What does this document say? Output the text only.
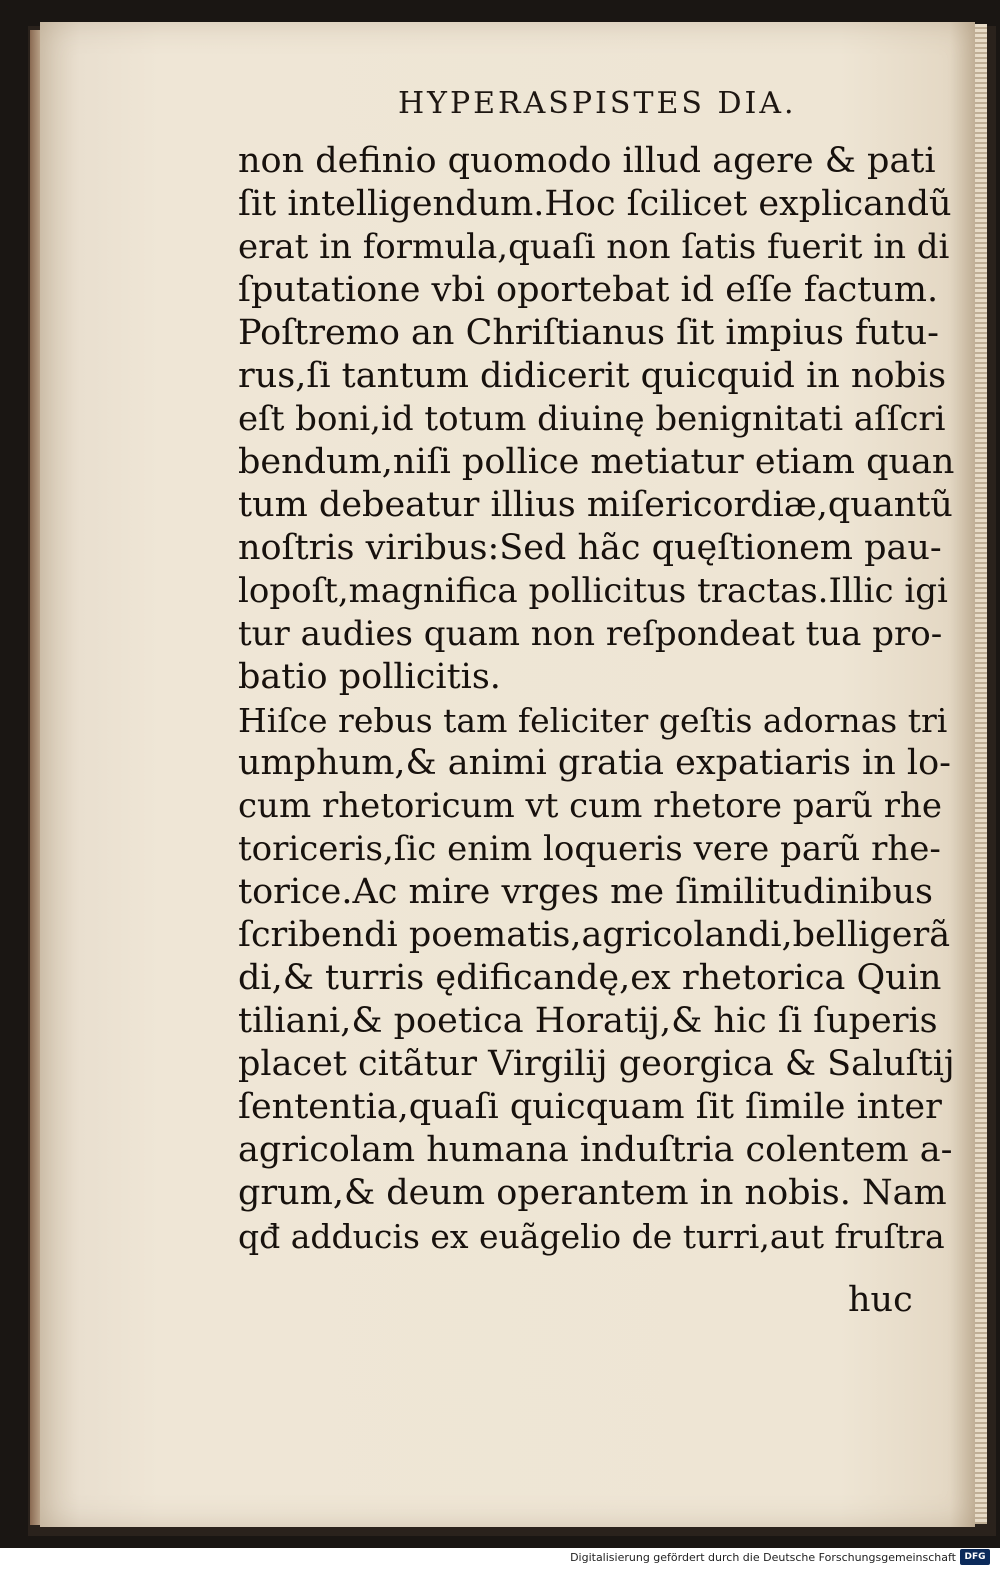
HYPERASPISTES DIA.
non definio quomodo illud agere & pati
ſit intelligendum.Hoc ſcilicet explicandũ
erat in formula,quaſi non ſatis fuerit in di
ſputatione vbi oportebat id eſſe factum.
Poſtremo an Chriſtianus ſit impius futu-
rus,ſi tantum didicerit quicquid in nobis
eſt boni,id totum diuinę benignitati aſſcri
bendum,niſi pollice metiatur etiam quan
tum debeatur illius miſericordiæ,quantũ
noſtris viribus:Sed hãc quęſtionem pau-
lopoſt,magnifica pollicitus tractas.Illic igi
tur audies quam non reſpondeat tua pro-
batio pollicitis.
Hiſce rebus tam feliciter geſtis adornas tri
umphum,& animi gratia expatiaris in lo-
cum rhetoricum vt cum rhetore parũ rhe
toriceris,ſic enim loqueris vere parũ rhe-
torice.Ac mire vrges me ſimilitudinibus
ſcribendi poematis,agricolandi,belligerã
di,& turris ędificandę,ex rhetorica Quin
tiliani,& poetica Horatij,& hic ſi ſuperis
placet citãtur Virgilij georgica & Saluſtij
ſententia,quaſi quicquam ſit ſimile inter
agricolam humana induſtria colentem a-
grum,& deum operantem in nobis. Nam
qđ adducis ex euãgelio de turri,aut fruſtra
huc
Digitalisierung gefördert durch die Deutsche Forschungsgemeinschaft DFG
